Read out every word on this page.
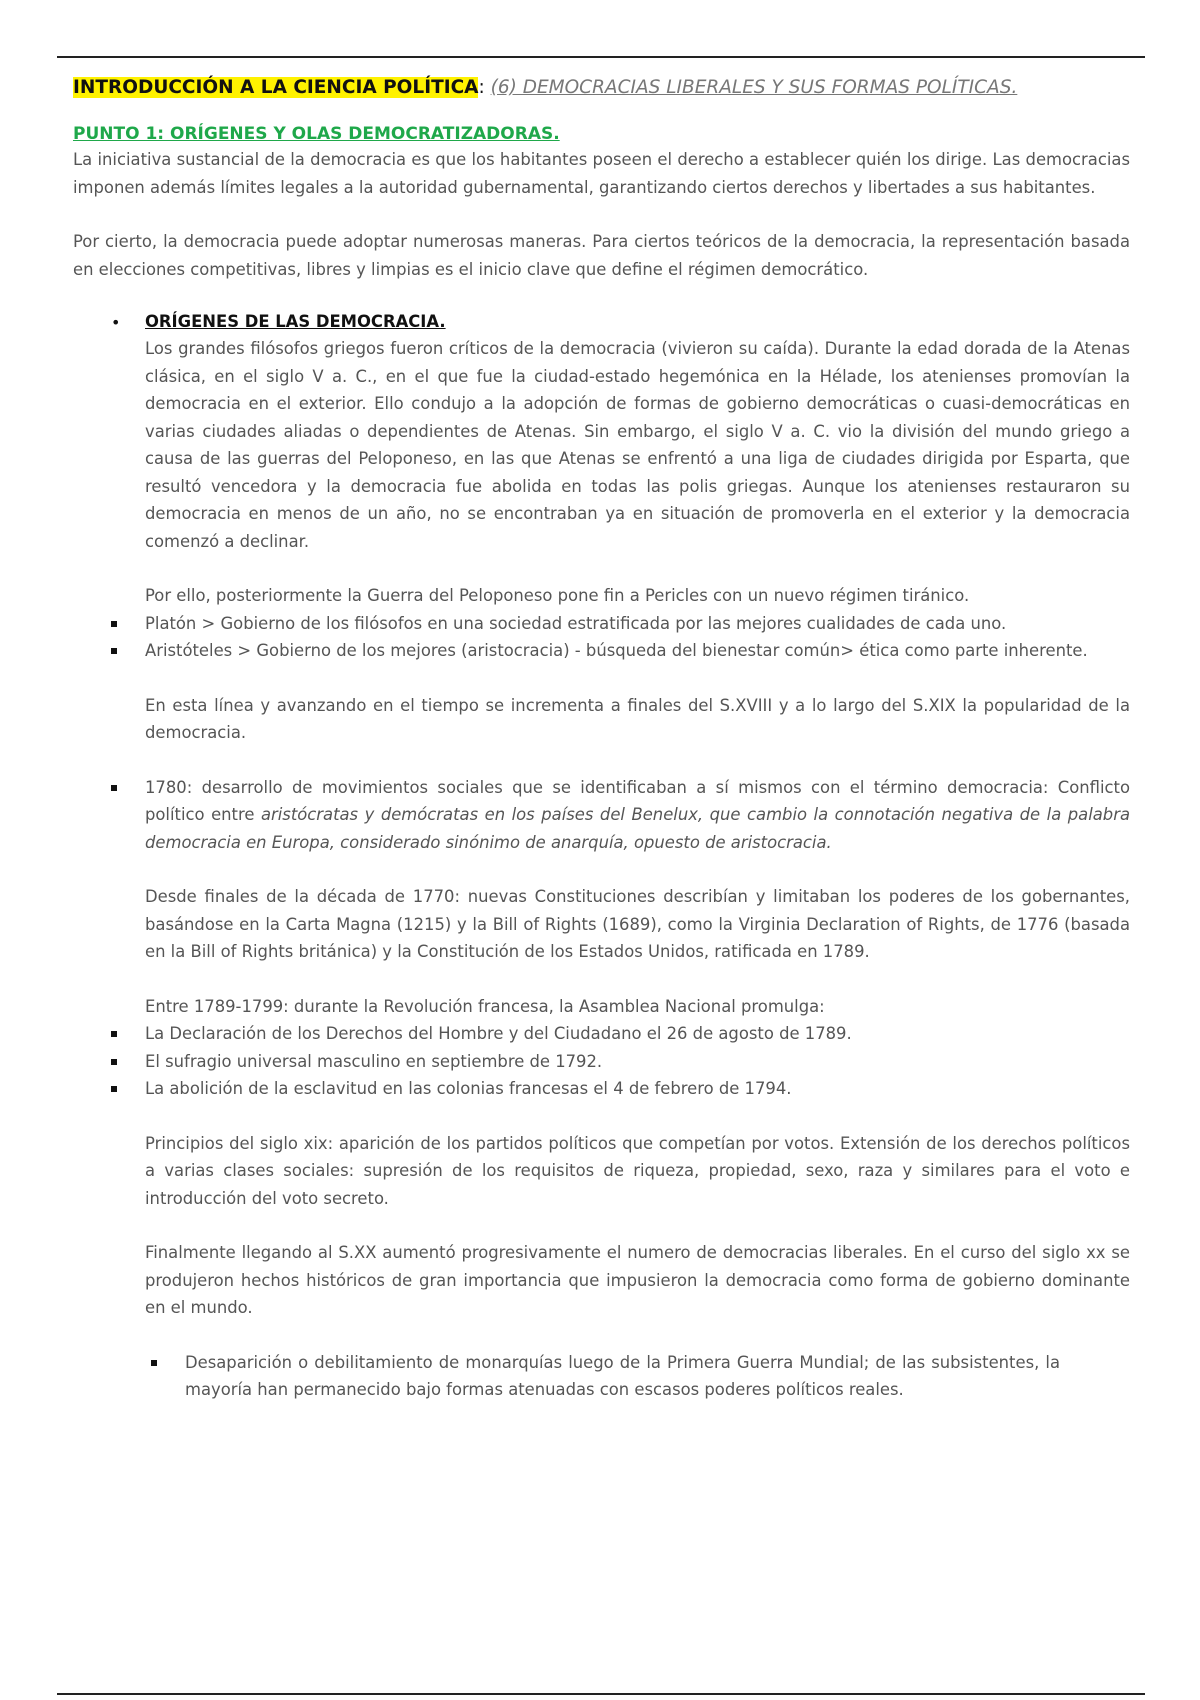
INTRODUCCIÓN A LA CIENCIA POLÍTICA: (6) DEMOCRACIAS LIBERALES Y SUS FORMAS POLÍTICAS.
PUNTO 1: ORÍGENES Y OLAS DEMOCRATIZADORAS.

La iniciativa sustancial de la democracia es que los habitantes poseen el derecho a establecer quién los dirige. Las democracias imponen además límites legales a la autoridad gubernamental, garantizando ciertos derechos y libertades a sus habitantes.

Por cierto, la democracia puede adoptar numerosas maneras. Para ciertos teóricos de la democracia, la representación basada en elecciones competitivas, libres y limpias es el inicio clave que define el régimen democrático.

• ORÍGENES DE LAS DEMOCRACIA.

Los grandes filósofos griegos fueron críticos de la democracia (vivieron su caída). Durante la edad dorada de la Atenas clásica, en el siglo V a. C., en el que fue la ciudad-estado hegemónica en la Hélade, los atenienses promovían la democracia en el exterior. Ello condujo a la adopción de formas de gobierno democráticas o cuasi-democráticas en varias ciudades aliadas o dependientes de Atenas. Sin embargo, el siglo V a. C. vio la división del mundo griego a causa de las guerras del Peloponeso, en las que Atenas se enfrentó a una liga de ciudades dirigida por Esparta, que resultó vencedora y la democracia fue abolida en todas las polis griegas. Aunque los atenienses restauraron su democracia en menos de un año, no se encontraban ya en situación de promoverla en el exterior y la democracia comenzó a declinar.

Por ello, posteriormente la Guerra del Peloponeso pone fin a Pericles con un nuevo régimen tiránico.

Platón > Gobierno de los filósofos en una sociedad estratificada por las mejores cualidades de cada uno.
Aristóteles > Gobierno de los mejores (aristocracia) - búsqueda del bienestar común> ética como parte inherente.

En esta línea y avanzando en el tiempo se incrementa a finales del S.XVIII y a lo largo del S.XIX la popularidad de la democracia.

1780: desarrollo de movimientos sociales que se identificaban a sí mismos con el término democracia: Conflicto político entre aristócratas y demócratas en los países del Benelux, que cambio la connotación negativa de la palabra democracia en Europa, considerado sinónimo de anarquía, opuesto de aristocracia.

Desde finales de la década de 1770: nuevas Constituciones describían y limitaban los poderes de los gobernantes, basándose en la Carta Magna (1215) y la Bill of Rights (1689), como la Virginia Declaration of Rights, de 1776 (basada en la Bill of Rights británica) y la Constitución de los Estados Unidos, ratificada en 1789.

Entre 1789-1799: durante la Revolución francesa, la Asamblea Nacional promulga:

La Declaración de los Derechos del Hombre y del Ciudadano el 26 de agosto de 1789.
El sufragio universal masculino en septiembre de 1792.
La abolición de la esclavitud en las colonias francesas el 4 de febrero de 1794.

Principios del siglo xix: aparición de los partidos políticos que competían por votos. Extensión de los derechos políticos a varias clases sociales: supresión de los requisitos de riqueza, propiedad, sexo, raza y similares para el voto e introducción del voto secreto.

Finalmente llegando al S.XX aumentó progresivamente el numero de democracias liberales. En el curso del siglo xx se produjeron hechos históricos de gran importancia que impusieron la democracia como forma de gobierno dominante en el mundo.

Desaparición o debilitamiento de monarquías luego de la Primera Guerra Mundial; de las subsistentes, la mayoría han permanecido bajo formas atenuadas con escasos poderes políticos reales.
